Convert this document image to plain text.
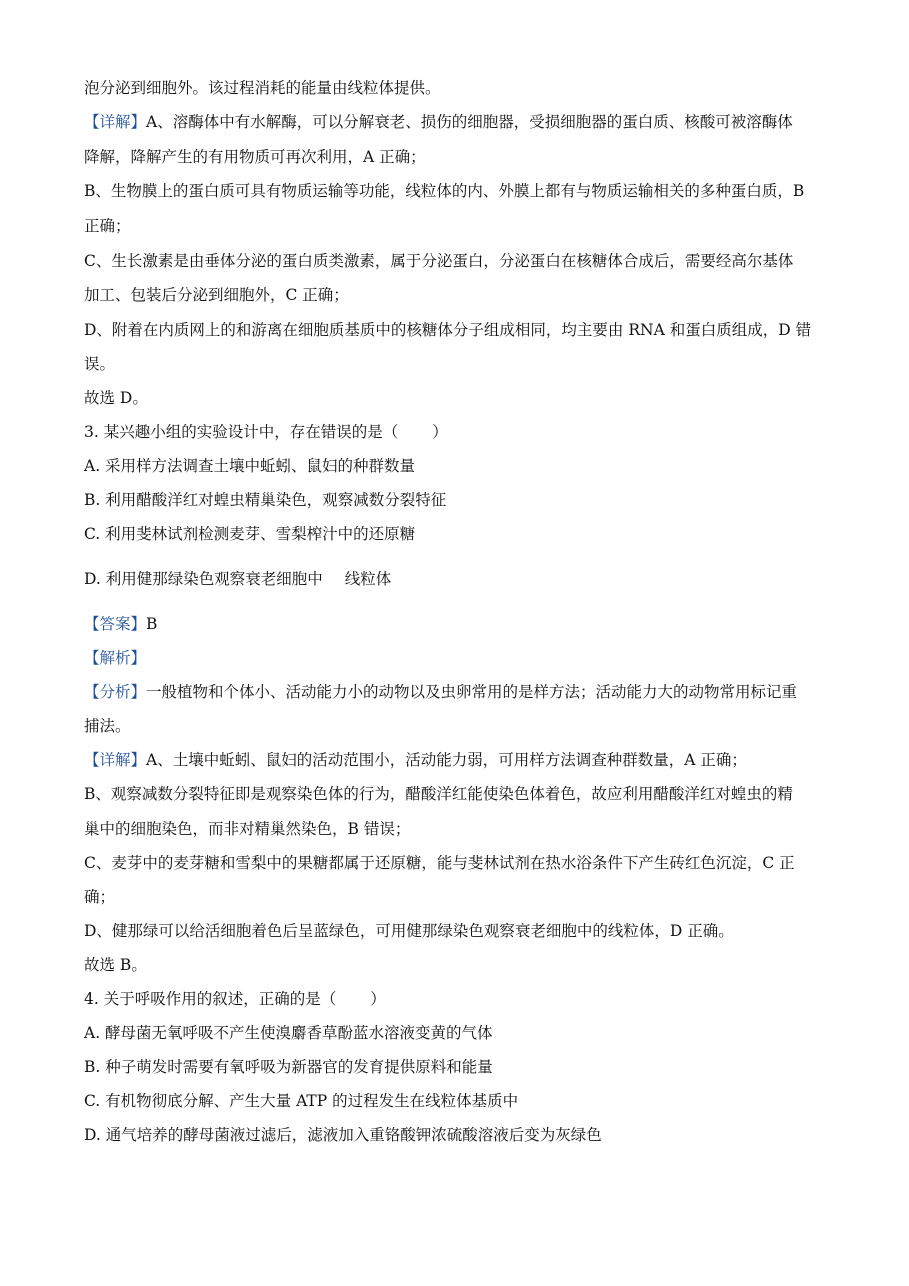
泡分泌到细胞外。该过程消耗的能量由线粒体提供。
【详解】A、溶酶体中有水解酶，可以分解衰老、损伤的细胞器，受损细胞器的蛋白质、核酸可被溶酶体
降解，降解产生的有用物质可再次利用，A 正确；
B、生物膜上的蛋白质可具有物质运输等功能，线粒体的内、外膜上都有与物质运输相关的多种蛋白质，B
正确；
C、生长激素是由垂体分泌的蛋白质类激素，属于分泌蛋白，分泌蛋白在核糖体合成后，需要经高尔基体
加工、包装后分泌到细胞外，C 正确；
D、附着在内质网上的和游离在细胞质基质中的核糖体分子组成相同，均主要由 RNA 和蛋白质组成，D 错
误。
故选 D。
3. 某兴趣小组的实验设计中，存在错误的是（ ）
A. 采用样方法调查土壤中蚯蚓、鼠妇的种群数量
B. 利用醋酸洋红对蝗虫精巢染色，观察减数分裂特征
C. 利用斐林试剂检测麦芽、雪梨榨汁中的还原糖
D. 利用健那绿染色观察衰老细胞中 线粒体
【答案】B
【解析】
【分析】一般植物和个体小、活动能力小的动物以及虫卵常用的是样方法；活动能力大的动物常用标记重
捕法。
【详解】A、土壤中蚯蚓、鼠妇的活动范围小，活动能力弱，可用样方法调查种群数量，A 正确；
B、观察减数分裂特征即是观察染色体的行为，醋酸洋红能使染色体着色，故应利用醋酸洋红对蝗虫的精
巢中的细胞染色，而非对精巢然染色，B 错误；
C、麦芽中的麦芽糖和雪梨中的果糖都属于还原糖，能与斐林试剂在热水浴条件下产生砖红色沉淀，C 正
确；
D、健那绿可以给活细胞着色后呈蓝绿色，可用健那绿染色观察衰老细胞中的线粒体，D 正确。
故选 B。
4. 关于呼吸作用的叙述，正确的是（ ）
A. 酵母菌无氧呼吸不产生使溴麝香草酚蓝水溶液变黄的气体
B. 种子萌发时需要有氧呼吸为新器官的发育提供原料和能量
C. 有机物彻底分解、产生大量 ATP 的过程发生在线粒体基质中
D. 通气培养的酵母菌液过滤后，滤液加入重铬酸钾浓硫酸溶液后变为灰绿色
